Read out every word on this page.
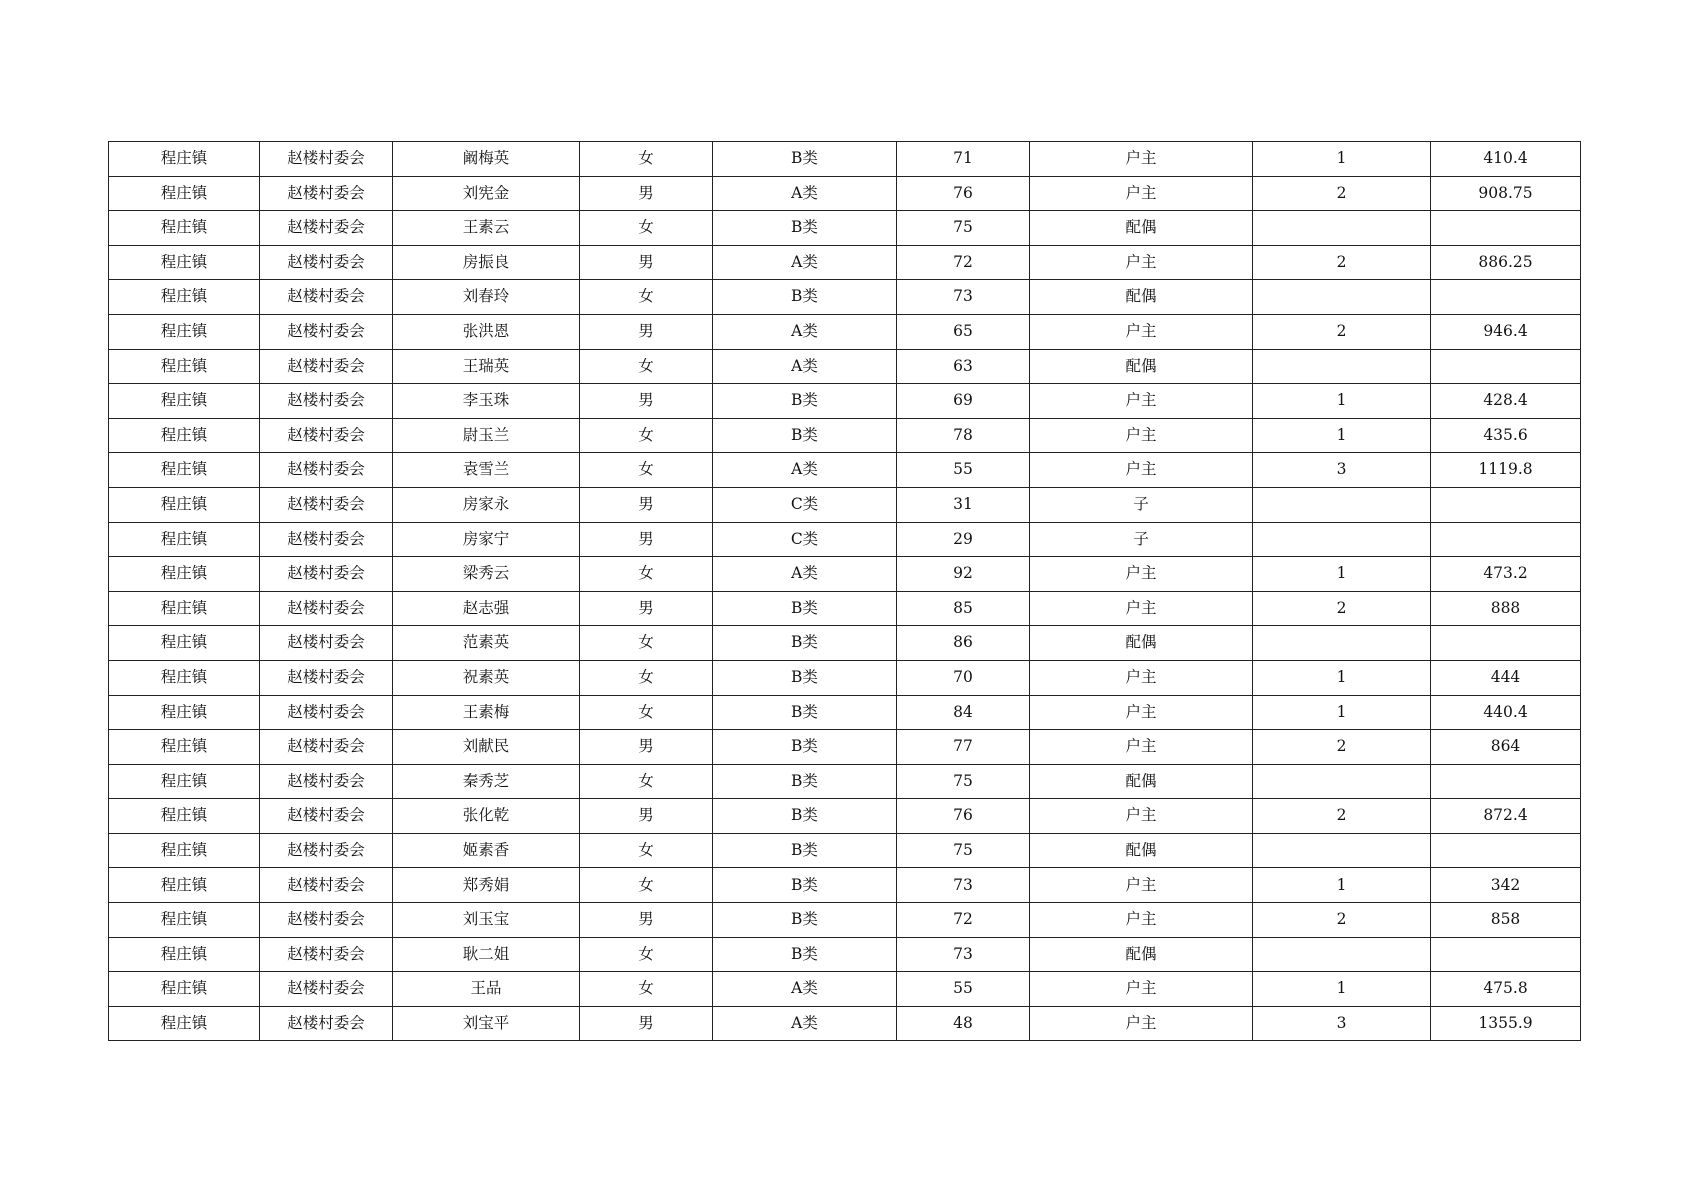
程庄镇	赵楼村委会	阚梅英	女	B类	71	户主	1	410.4
程庄镇	赵楼村委会	刘宪金	男	A类	76	户主	2	908.75
程庄镇	赵楼村委会	王素云	女	B类	75	配偶		
程庄镇	赵楼村委会	房振良	男	A类	72	户主	2	886.25
程庄镇	赵楼村委会	刘春玲	女	B类	73	配偶		
程庄镇	赵楼村委会	张洪恩	男	A类	65	户主	2	946.4
程庄镇	赵楼村委会	王瑞英	女	A类	63	配偶		
程庄镇	赵楼村委会	李玉珠	男	B类	69	户主	1	428.4
程庄镇	赵楼村委会	尉玉兰	女	B类	78	户主	1	435.6
程庄镇	赵楼村委会	袁雪兰	女	A类	55	户主	3	1119.8
程庄镇	赵楼村委会	房家永	男	C类	31	子		
程庄镇	赵楼村委会	房家宁	男	C类	29	子		
程庄镇	赵楼村委会	梁秀云	女	A类	92	户主	1	473.2
程庄镇	赵楼村委会	赵志强	男	B类	85	户主	2	888
程庄镇	赵楼村委会	范素英	女	B类	86	配偶		
程庄镇	赵楼村委会	祝素英	女	B类	70	户主	1	444
程庄镇	赵楼村委会	王素梅	女	B类	84	户主	1	440.4
程庄镇	赵楼村委会	刘献民	男	B类	77	户主	2	864
程庄镇	赵楼村委会	秦秀芝	女	B类	75	配偶		
程庄镇	赵楼村委会	张化乾	男	B类	76	户主	2	872.4
程庄镇	赵楼村委会	姬素香	女	B类	75	配偶		
程庄镇	赵楼村委会	郑秀娟	女	B类	73	户主	1	342
程庄镇	赵楼村委会	刘玉宝	男	B类	72	户主	2	858
程庄镇	赵楼村委会	耿二姐	女	B类	73	配偶		
程庄镇	赵楼村委会	王品	女	A类	55	户主	1	475.8
程庄镇	赵楼村委会	刘宝平	男	A类	48	户主	3	1355.9
